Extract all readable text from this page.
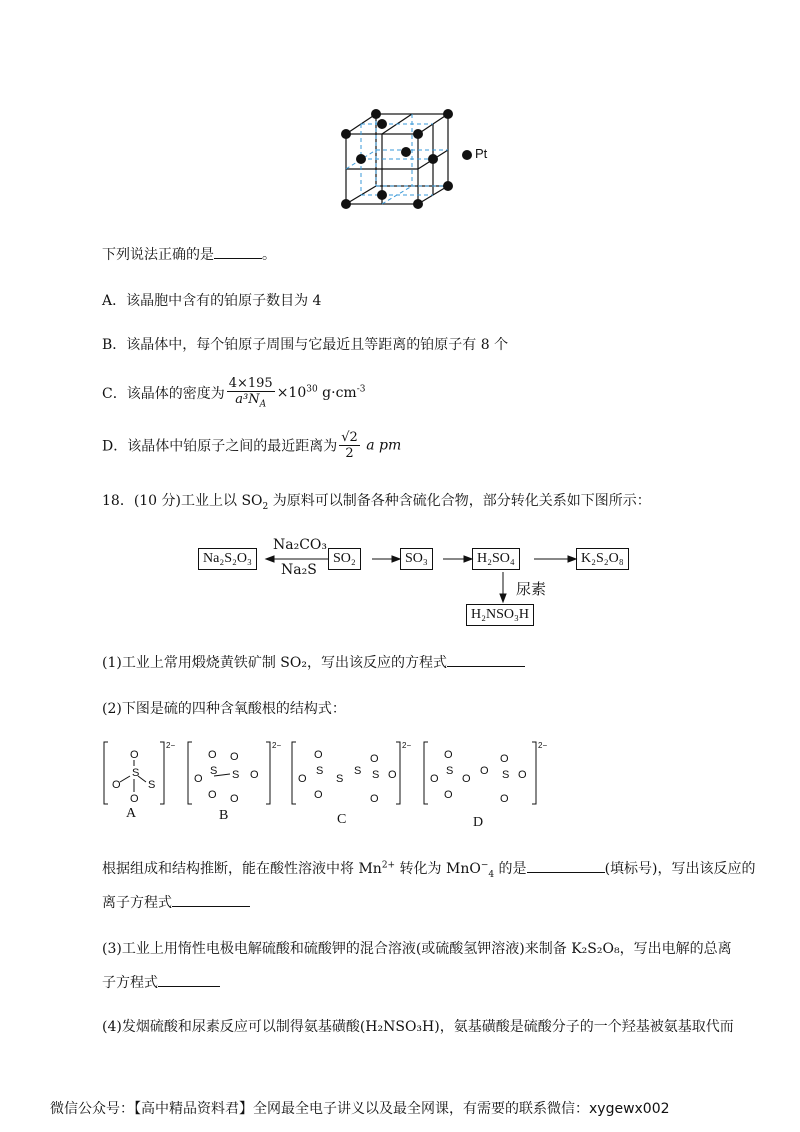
Pt
下列说法正确的是	。
A．该晶胞中含有的铂原子数目为 4
B．该晶体中，每个铂原子周围与它最近且等距离的铂原子有 8 个
C．该晶体的密度为 $\frac{4\times 195}{a^3N_A} \times 10^{30}$ $g\cdot cm^{-3}$
D．该晶体中铂原子之间的最近距离为 $\frac{√2}{2}$ a pm
18．(10 分)工业上以 $SO_2$ 为原料可以制备各种含硫化合物，部分转化关系如下图所示：
Na₂S₂O₃
Na₂CO₃
Na₂S
SO₂	SO₃	H₂SO₄	K₂S₂O₈
尿素
H₂NSO₃H
(1)工业上常用煅烧黄铁矿制 SO₂，写出该反应的方程式
(2)下图是硫的四种含氧酸根的结构式：
O
S
S
O
O
2−
O
S
O
O
O
S O
O
2−
O
S
O
O
S
S
O
S O
O
2−
O
S
O
O
O
O
O
S O
O
2−
A	B	C	D
根据组成和结构推断，能在酸性溶液中将 $Mn^{2+}$ 转化为 MnO−$_4$ 的是	(填标号)，写出该反应的
离子方程式
(3)工业上用惰性电极电解硫酸和硫酸钾的混合溶液(或硫酸氢钾溶液)来制备 K₂S₂O₈，写出电解的总离
子方程式
(4)发烟硫酸和尿素反应可以制得氨基磺酸(H₂NSO₃H)，氨基磺酸是硫酸分子的一个羟基被氨基取代而
微信公众号：【高中精品资料君】全网最全电子讲义以及最全网课，有需要的联系微信：xygewx002
